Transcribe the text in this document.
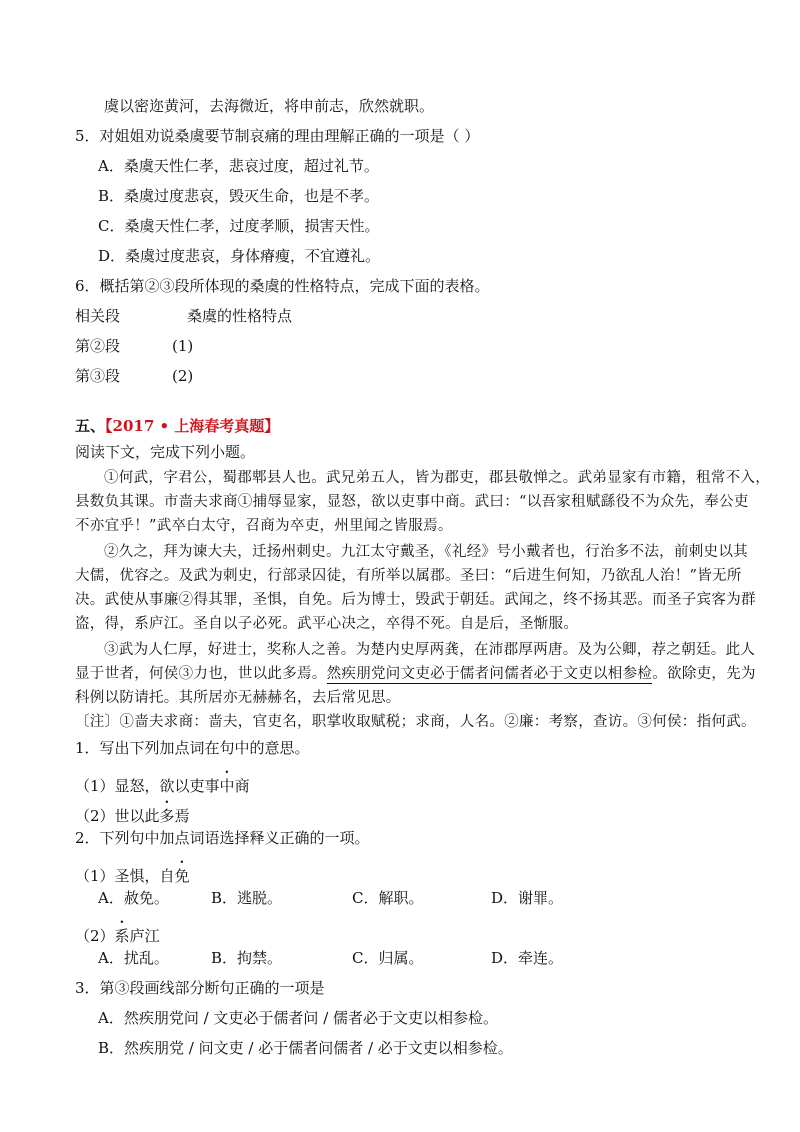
虞以密迩黄河，去海微近，将申前志，欣然就职。
5．对姐姐劝说桑虞要节制哀痛的理由理解正确的一项是（ ）
A．桑虞天性仁孝，悲哀过度，超过礼节。
B．桑虞过度悲哀，毁灭生命，也是不孝。
C．桑虞天性仁孝，过度孝顺，损害天性。
D．桑虞过度悲哀，身体瘠瘦，不宜遵礼。
6．概括第②③段所体现的桑虞的性格特点，完成下面的表格。
相关段	桑虞的性格特点
第②段	(1)
第③段	(2)
五、【2017 • 上海春考真题】
阅读下文，完成下列小题。
①何武，字君公，蜀郡郫县人也。武兄弟五人，皆为郡吏，郡县敬惮之。武弟显家有市籍，租常不入，
县数负其课。市啬夫求商①捕辱显家，显怒，欲以吏事中商。武曰：“以吾家租赋繇役不为众先，奉公吏
不亦宜乎！”武卒白太守，召商为卒吏，州里闻之皆服焉。
②久之，拜为谏大夫，迁扬州刺史。九江太守戴圣，《礼经》号小戴者也，行治多不法，前刺史以其
大儒，优容之。及武为刺史，行部录囚徒，有所举以属郡。圣曰：“后进生何知，乃欲乱人治！”皆无所
决。武使从事廉②得其罪，圣惧，自免。后为博士，毁武于朝廷。武闻之，终不扬其恶。而圣子宾客为群
盗，得，系庐江。圣自以子必死。武平心决之，卒得不死。自是后，圣惭服。
③武为人仁厚，好进士，奖称人之善。为楚内史厚两龚，在沛郡厚两唐。及为公卿，荐之朝廷。此人
显于世者，何侯③力也，世以此多焉。然疾朋党问文吏必于儒者问儒者必于文吏以相参检。欲除吏，先为
科例以防请托。其所居亦无赫赫名，去后常见思。
〔注〕①啬夫求商：啬夫，官吏名，职掌收取赋税；求商，人名。②廉：考察，查访。③何侯：指何武。
1．写出下列加点词在句中的意思。
（1）显怒，欲以吏事中商
（2）世以此多焉
2．下列句中加点词语选择释义正确的一项。
（1）圣惧，自免
A．赦免。	B．逃脱。	C．解职。	D．谢罪。
（2）系庐江
A．扰乱。	B．拘禁。	C．归属。	D．牵连。
3．第③段画线部分断句正确的一项是
A．然疾朋党问 / 文吏必于儒者问 / 儒者必于文吏以相参检。
B．然疾朋党 / 问文吏 / 必于儒者问儒者 / 必于文吏以相参检。
